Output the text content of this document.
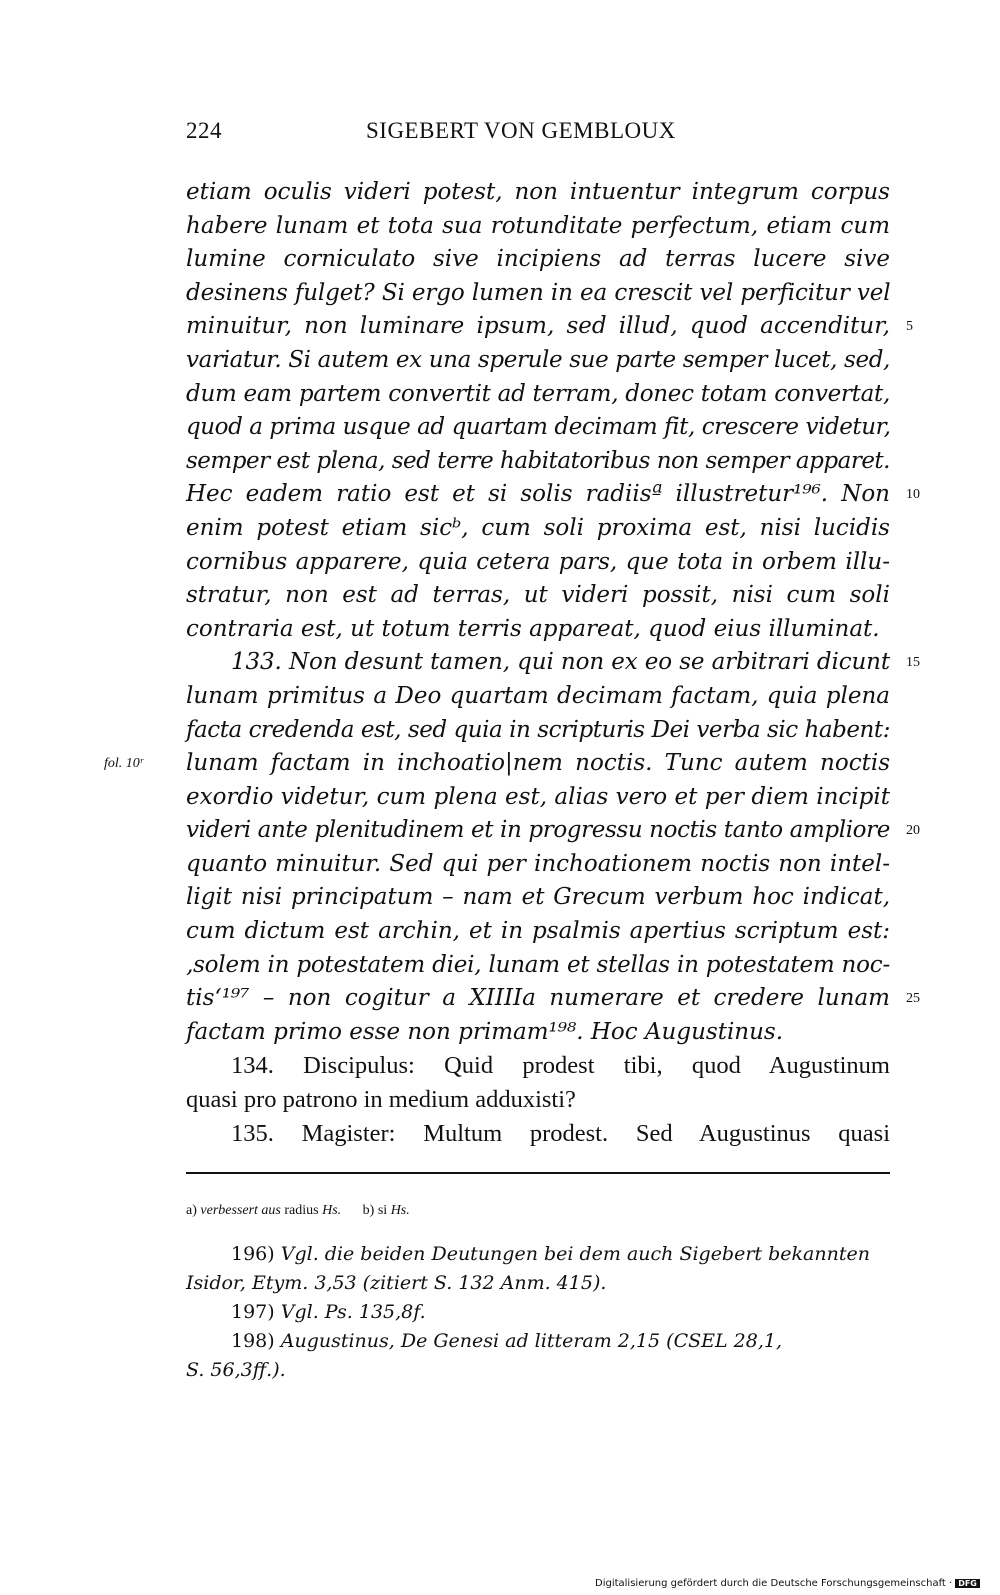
224	SIGEBERT VON GEMBLOUX
etiam oculis videri potest, non intuentur integrum corpus
habere lunam et tota sua rotunditate perfectum, etiam cum
lumine corniculato sive incipiens ad terras lucere sive
desinens fulget? Si ergo lumen in ea crescit vel perficitur vel
minuitur, non luminare ipsum, sed illud, quod accenditur, 5
variatur. Si autem ex una sperule sue parte semper lucet, sed,
dum eam partem convertit ad terram, donec totam convertat,
quod a prima usque ad quartam decimam fit, crescere videtur,
semper est plena, sed terre habitatoribus non semper apparet.
Hec eadem ratio est et si solis radiisª illustretur¹⁹⁶. Non 10
enim potest etiam sicᵇ, cum soli proxima est, nisi lucidis
cornibus apparere, quia cetera pars, que tota in orbem illu-
stratur, non est ad terras, ut videri possit, nisi cum soli
contraria est, ut totum terris appareat, quod eius illuminat.
133. Non desunt tamen, qui non ex eo se arbitrari dicunt 15
lunam primitus a Deo quartam decimam factam, quia plena
facta credenda est, sed quia in scripturis Dei verba sic habent:
fol. 10ʳ lunam factam in inchoatio|nem noctis. Tunc autem noctis
exordio videtur, cum plena est, alias vero et per diem incipit
videri ante plenitudinem et in progressu noctis tanto ampliore 20
quanto minuitur. Sed qui per inchoationem noctis non intel-
ligit nisi principatum – nam et Grecum verbum hoc indicat,
cum dictum est archin, et in psalmis apertius scriptum est:
‚solem in potestatem diei, lunam et stellas in potestatem noc-
tis‘¹⁹⁷ – non cogitur a XIIIIa numerare et credere lunam 25
factam primo esse non primam¹⁹⁸. Hoc Augustinus.
134. Discipulus: Quid prodest tibi, quod Augustinum
quasi pro patrono in medium adduxisti?
135. Magister: Multum prodest. Sed Augustinus quasi
a) verbessert aus radius Hs. b) si Hs.
196) Vgl. die beiden Deutungen bei dem auch Sigebert bekannten
Isidor, Etym. 3,53 (zitiert S. 132 Anm. 415).
197) Vgl. Ps. 135,8f.
198) Augustinus, De Genesi ad litteram 2,15 (CSEL 28,1,
S. 56,3ff.).
Digitalisierung gefördert durch die Deutsche Forschungsgemeinschaft · DFG
